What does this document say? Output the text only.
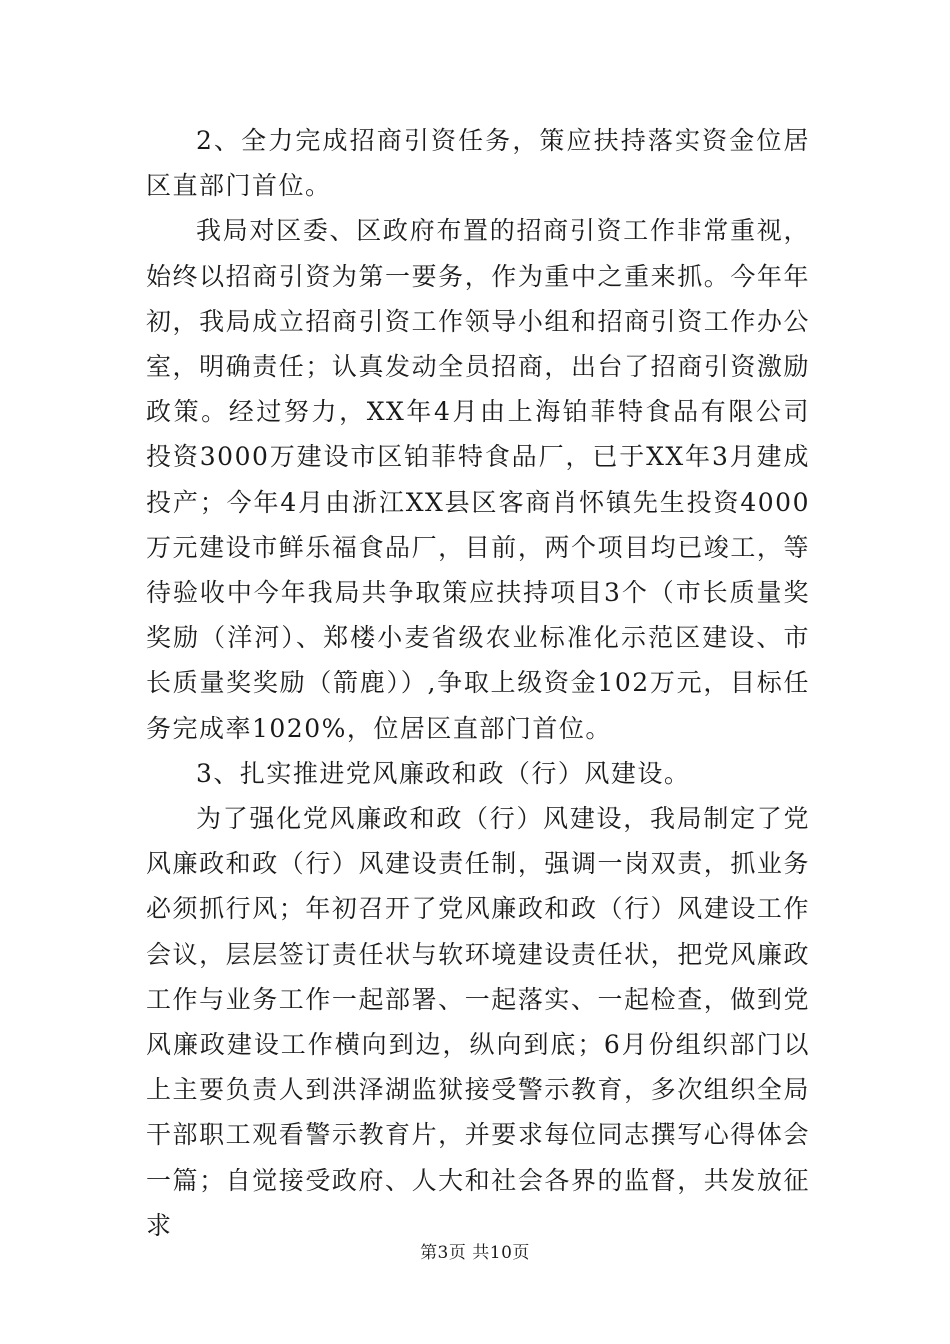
2、全力完成招商引资任务，策应扶持落实资金位居区直部门首位。

我局对区委、区政府布置的招商引资工作非常重视，始终以招商引资为第一要务，作为重中之重来抓。今年年初，我局成立招商引资工作领导小组和招商引资工作办公室，明确责任；认真发动全员招商，出台了招商引资激励政策。经过努力，XX年4月由上海铂菲特食品有限公司投资3000万建设市区铂菲特食品厂，已于XX年3月建成投产；今年4月由浙江XX县区客商肖怀镇先生投资4000万元建设市鲜乐福食品厂，目前，两个项目均已竣工，等待验收中今年我局共争取策应扶持项目3个（市长质量奖奖励（洋河）、郑楼小麦省级农业标准化示范区建设、市长质量奖奖励（箭鹿））,争取上级资金102万元，目标任务完成率1020%，位居区直部门首位。

3、扎实推进党风廉政和政（行）风建设。

为了强化党风廉政和政（行）风建设，我局制定了党风廉政和政（行）风建设责任制，强调一岗双责，抓业务必须抓行风；年初召开了党风廉政和政（行）风建设工作会议，层层签订责任状与软环境建设责任状，把党风廉政工作与业务工作一起部署、一起落实、一起检查，做到党风廉政建设工作横向到边，纵向到底；6月份组织部门以上主要负责人到洪泽湖监狱接受警示教育，多次组织全局干部职工观看警示教育片，并要求每位同志撰写心得体会一篇；自觉接受政府、人大和社会各界的监督，共发放征求

第3页 共10页
